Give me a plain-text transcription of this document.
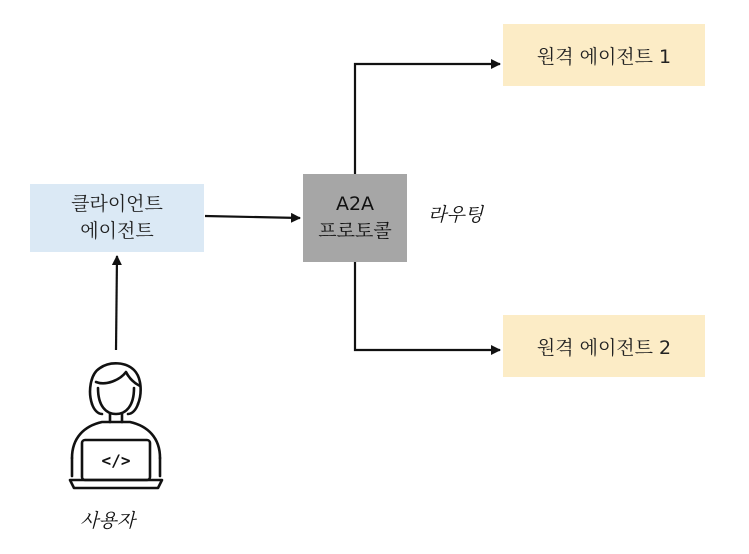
클라이언트
에이전트
A2A
프로토콜
라우팅
원격 에이전트 1
원격 에이전트 2
</>
사용자
